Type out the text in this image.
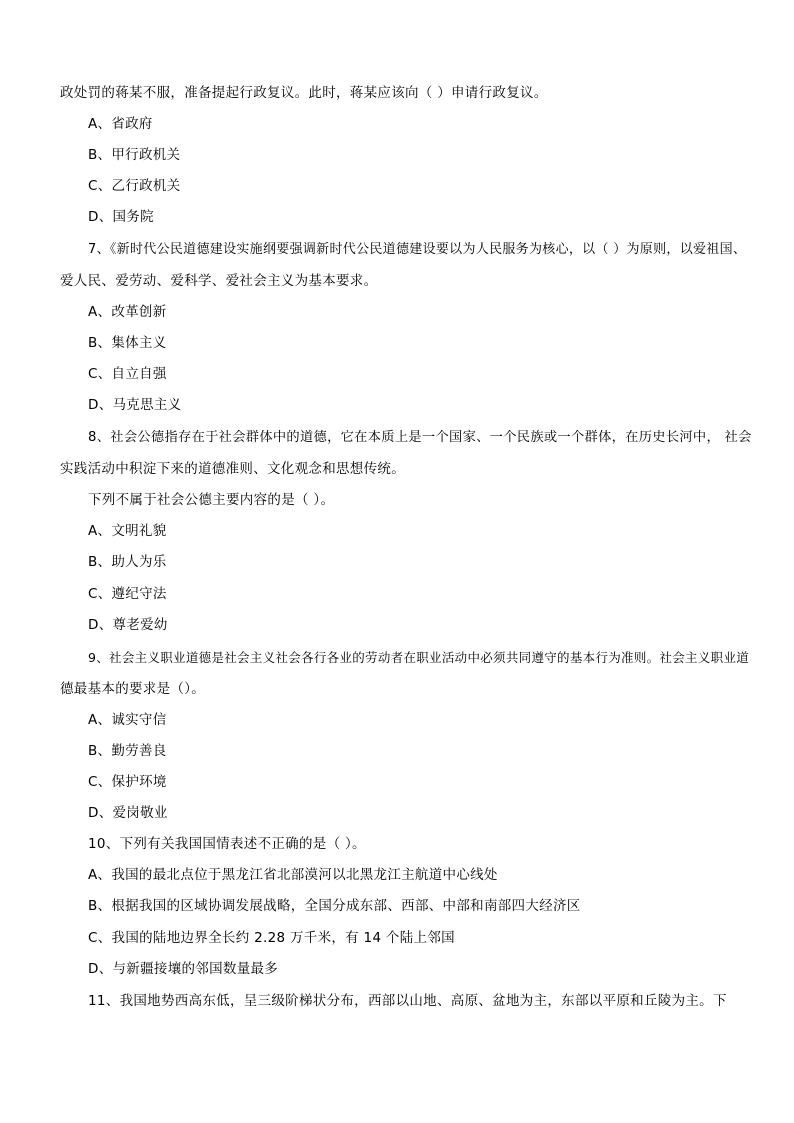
政处罚的蒋某不服，准备提起行政复议。此时，蒋某应该向（ ）申请行政复议。
A、省政府
B、甲行政机关
C、乙行政机关
D、国务院
7、《新时代公民道德建设实施纲要强调新时代公民道德建设要以为人民服务为核心，以（ ）为原则，以爱祖国、
爱人民、爱劳动、爱科学、爱社会主义为基本要求。
A、改革创新
B、集体主义
C、自立自强
D、马克思主义
8、社会公德指存在于社会群体中的道德，它在本质上是一个国家、一个民族或一个群体，在历史长河中， 社会
实践活动中积淀下来的道德准则、文化观念和思想传统。
下列不属于社会公德主要内容的是（ ）。
A、文明礼貌
B、助人为乐
C、遵纪守法
D、尊老爱幼
9、社会主义职业道德是社会主义社会各行各业的劳动者在职业活动中必须共同遵守的基本行为准则。社会主义职业道
德最基本的要求是（）。
A、诚实守信
B、勤劳善良
C、保护环境
D、爱岗敬业
10、下列有关我国国情表述不正确的是（ ）。
A、我国的最北点位于黑龙江省北部漠河以北黑龙江主航道中心线处
B、根据我国的区域协调发展战略，全国分成东部、西部、中部和南部四大经济区
C、我国的陆地边界全长约 2.28 万千米，有 14 个陆上邻国
D、与新疆接壤的邻国数量最多
11、我国地势西高东低，呈三级阶梯状分布，西部以山地、高原、盆地为主，东部以平原和丘陵为主。下
